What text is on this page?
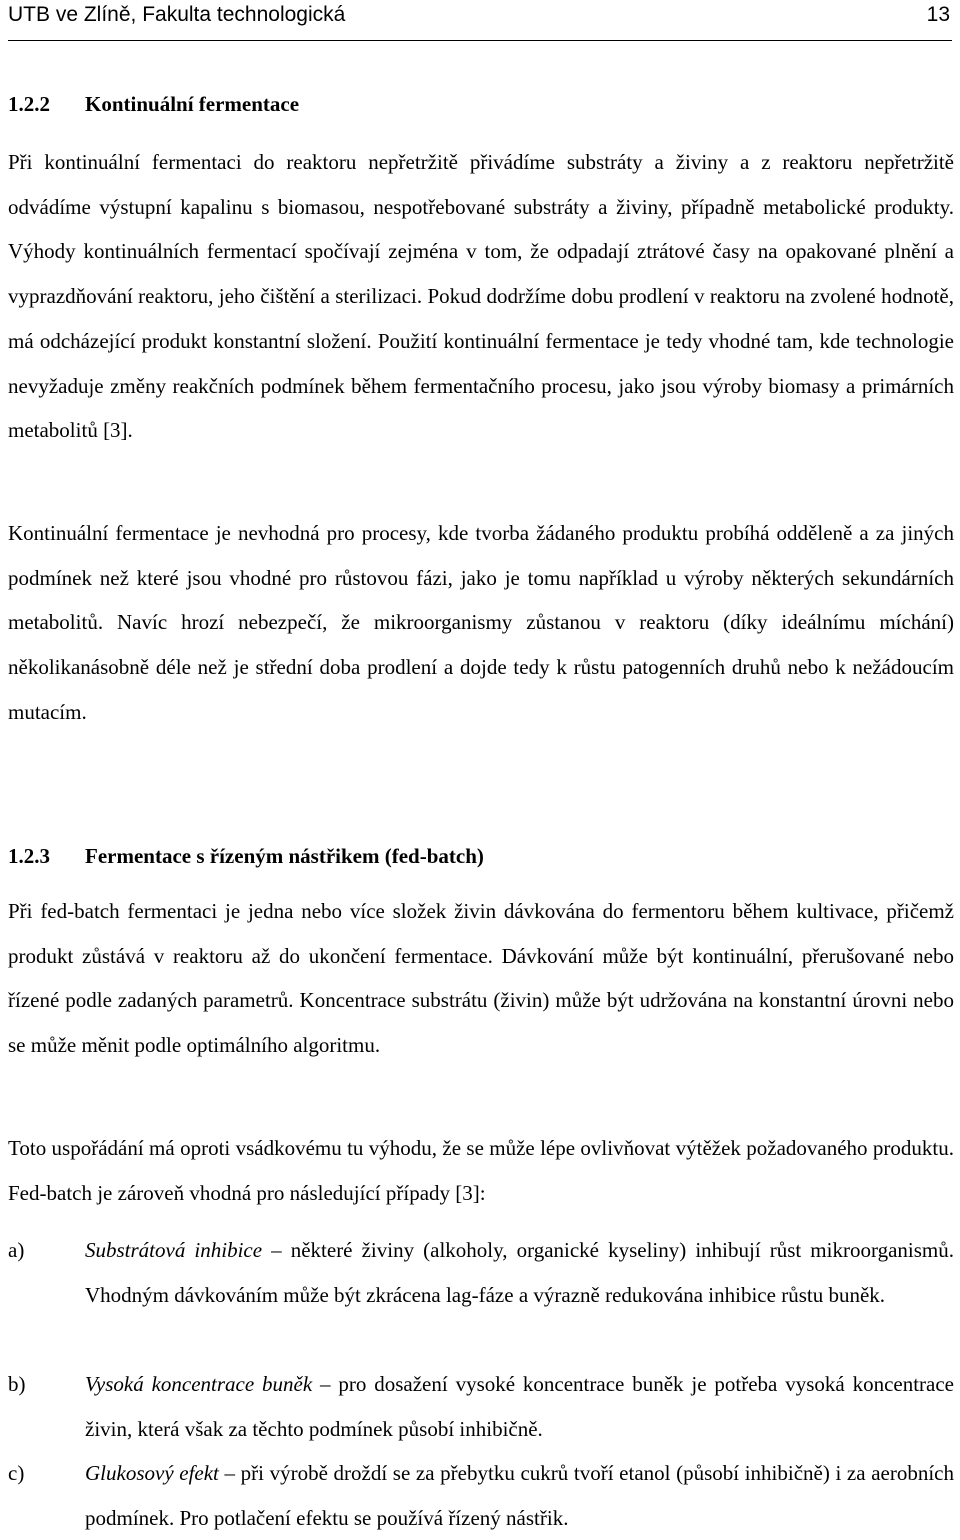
UTB ve Zlíně, Fakulta technologická	13
1.2.2 Kontinuální fermentace

Při kontinuální fermentaci do reaktoru nepřetržitě přivádíme substráty a živiny a z reaktoru nepřetržitě odvádíme výstupní kapalinu s biomasou, nespotřebované substráty a živiny, případně metabolické produkty. Výhody kontinuálních fermentací spočívají zejména v tom, že odpadají ztrátové časy na opakované plnění a vyprazdňování reaktoru, jeho čištění a sterilizaci. Pokud dodržíme dobu prodlení v reaktoru na zvolené hodnotě, má odcházející produkt konstantní složení. Použití kontinuální fermentace je tedy vhodné tam, kde technologie nevyžaduje změny reakčních podmínek během fermentačního procesu, jako jsou výroby biomasy a primárních metabolitů [3].

Kontinuální fermentace je nevhodná pro procesy, kde tvorba žádaného produktu probíhá odděleně a za jiných podmínek než které jsou vhodné pro růstovou fázi, jako je tomu například u výroby některých sekundárních metabolitů. Navíc hrozí nebezpečí, že mikroorganismy zůstanou v reaktoru (díky ideálnímu míchání) několikanásobně déle než je střední doba prodlení a dojde tedy k růstu patogenních druhů nebo k nežádoucím mutacím.

1.2.3 Fermentace s řízeným nástřikem (fed-batch)

Při fed-batch fermentaci je jedna nebo více složek živin dávkována do fermentoru během kultivace, přičemž produkt zůstává v reaktoru až do ukončení fermentace. Dávkování může být kontinuální, přerušované nebo řízené podle zadaných parametrů. Koncentrace substrátu (živin) může být udržována na konstantní úrovni nebo se může měnit podle optimálního algoritmu.

Toto uspořádání má oproti vsádkovému tu výhodu, že se může lépe ovlivňovat výtěžek požadovaného produktu. Fed-batch je zároveň vhodná pro následující případy [3]:

a)	Substrátová inhibice – některé živiny (alkoholy, organické kyseliny) inhibují růst mikroorganismů. Vhodným dávkováním může být zkrácena lag-fáze a výrazně redukována inhibice růstu buněk.

b)	Vysoká koncentrace buněk – pro dosažení vysoké koncentrace buněk je potřeba vysoká koncentrace živin, která však za těchto podmínek působí inhibičně.

c)	Glukosový efekt – při výrobě droždí se za přebytku cukrů tvoří etanol (působí inhibičně) i za aerobních podmínek. Pro potlačení efektu se používá řízený nástřik.
